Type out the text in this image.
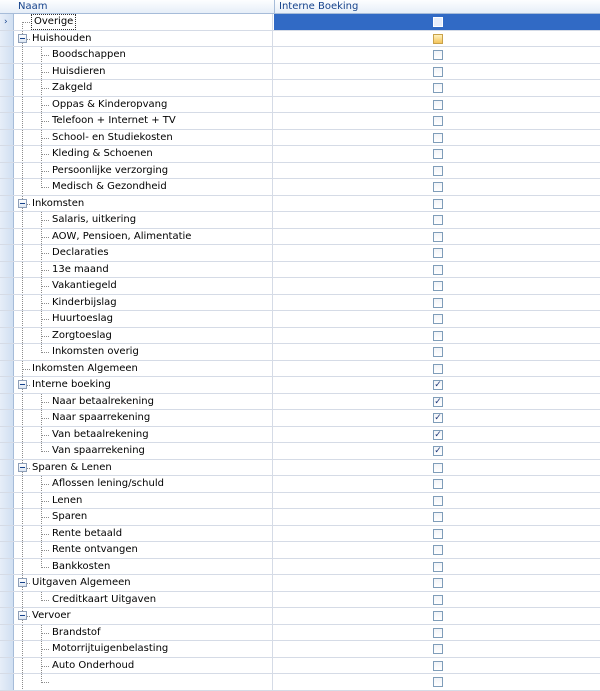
Naam	Interne Boeking
›	Overige
Huishouden
Boodschappen
Huisdieren
Zakgeld
Oppas & Kinderopvang
Telefoon + Internet + TV
School- en Studiekosten
Kleding & Schoenen
Persoonlijke verzorging
Medisch & Gezondheid
Inkomsten
Salaris, uitkering
AOW, Pensioen, Alimentatie
Declaraties
13e maand
Vakantiegeld
Kinderbijslag
Huurtoeslag
Zorgtoeslag
Inkomsten overig
Inkomsten Algemeen
Interne boeking	✓
Naar betaalrekening	✓
Naar spaarrekening	✓
Van betaalrekening	✓
Van spaarrekening	✓
Sparen & Lenen
Aflossen lening/schuld
Lenen
Sparen
Rente betaald
Rente ontvangen
Bankkosten
Uitgaven Algemeen
Creditkaart Uitgaven
Vervoer
Brandstof
Motorrijtuigenbelasting
Auto Onderhoud
